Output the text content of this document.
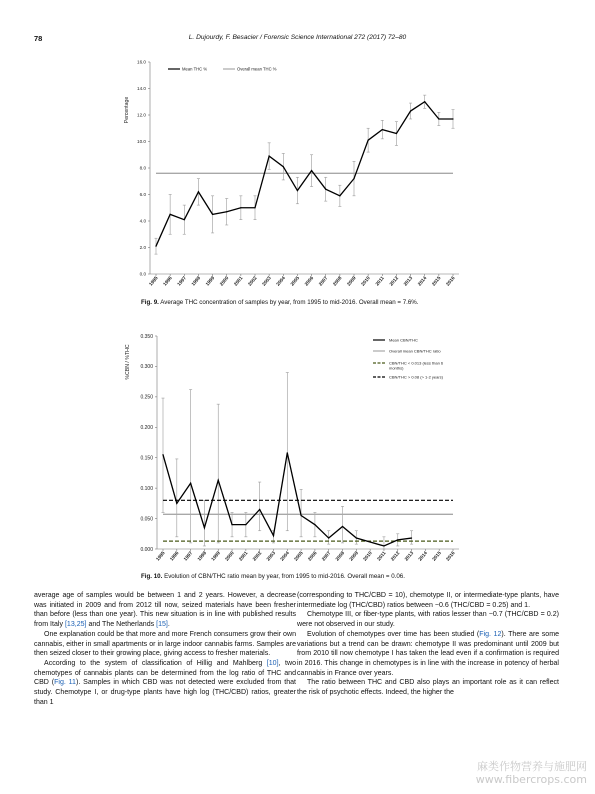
78	L. Dujourdy, F. Besacier / Forensic Science International 272 (2017) 72–80
0.0
2.0
4.0
6.0
8.0
10.0
12.0
14.0
16.0
Percentage
1995 1996 1997 1998 1999 2000 2001 2002 2003 2004 2005 2006 2007 2008 2009 2010 2011 2012 2013 2014 2015 2016
Mean THC %	Overall mean THC %
0.000
0.050
0.100
0.150
0.200
0.250
0.300
0.350
%CBN / %THC
1995 1996 1997 1998 1999 2000 2001 2002 2003 2004 2005 2006 2007 2008 2009 2010 2011 2012 2013 2014 2015 2016
Mean CBN/THC
Overall mean CBN/THC ratio
CBN/THC < 0.013 (less than 6 months)
CBN/THC > 0.08 (> 1-2 years)
Fig. 9. Average THC concentration of samples by year, from 1995 to mid-2016. Overall mean = 7.6%.
Fig. 10. Evolution of CBN/THC ratio mean by year, from 1995 to mid-2016. Overall mean = 0.06.

average age of samples would be between 1 and 2 years. However, a decrease was initiated in 2009 and from 2012 till now, seized materials have been fresher than before (less than one year). This new situation is in line with published results from Italy [13,25] and The Netherlands [15].

One explanation could be that more and more French consumers grow their own cannabis, either in small apartments or in large indoor cannabis farms. Samples are then seized closer to their growing place, giving access to fresher materials.

According to the system of classification of Hillig and Mahlberg [10], two chemotypes of cannabis plants can be determined from the log ratio of THC and CBD (Fig. 11). Samples in which CBD was not detected were excluded from that study. Chemotype I, or drug-type plants have high log (THC/CBD) ratios, greater than 1

(corresponding to THC/CBD = 10), chemotype II, or intermediate-type plants, have intermediate log (THC/CBD) ratios between −0.6 (THC/CBD = 0.25) and 1.

Chemotype III, or fiber-type plants, with ratios lesser than −0.7 (THC/CBD = 0.2) were not observed in our study.

Evolution of chemotypes over time has been studied (Fig. 12). There are some variations but a trend can be drawn: chemotype II was predominant until 2009 but from 2010 till now chemotype I has taken the lead even if a confirmation is required in 2016. This change in chemotypes is in line with the increase in potency of herbal cannabis in France over years.

The ratio between THC and CBD also plays an important role as it can reflect the risk of psychotic effects. Indeed, the higher the

麻类作物营养与施肥网
www.fibercrops.com
